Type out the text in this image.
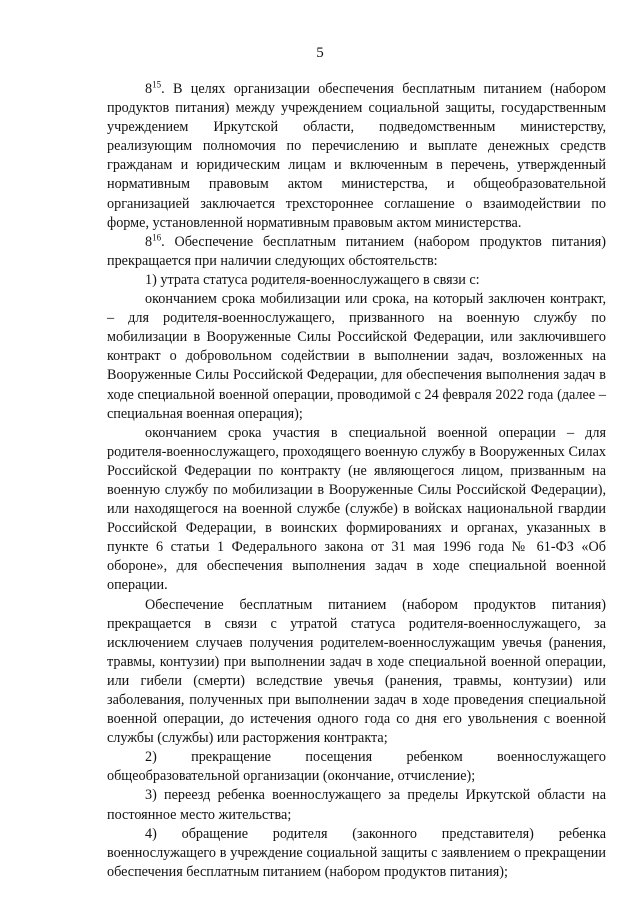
5

$8^{15}$. В целях организации обеспечения бесплатным питанием (набором продуктов питания) между учреждением социальной защиты, государственным учреждением Иркутской области, подведомственным министерству, реализующим полномочия по перечислению и выплате денежных средств гражданам и юридическим лицам и включенным в перечень, утвержденный нормативным правовым актом министерства, и общеобразовательной организацией заключается трехстороннее соглашение о взаимодействии по форме, установленной нормативным правовым актом министерства.

$8^{16}$. Обеспечение бесплатным питанием (набором продуктов питания) прекращается при наличии следующих обстоятельств:

1) утрата статуса родителя-военнослужащего в связи с:

окончанием срока мобилизации или срока, на который заключен контракт, – для родителя-военнослужащего, призванного на военную службу по мобилизации в Вооруженные Силы Российской Федерации, или заключившего контракт о добровольном содействии в выполнении задач, возложенных на Вооруженные Силы Российской Федерации, для обеспечения выполнения задач в ходе специальной военной операции, проводимой с 24 февраля 2022 года (далее – специальная военная операция);

окончанием срока участия в специальной военной операции – для родителя-военнослужащего, проходящего военную службу в Вооруженных Силах Российской Федерации по контракту (не являющегося лицом, призванным на военную службу по мобилизации в Вооруженные Силы Российской Федерации), или находящегося на военной службе (службе) в войсках национальной гвардии Российской Федерации, в воинских формированиях и органах, указанных в пункте 6 статьи 1 Федерального закона от 31 мая 1996 года № 61-ФЗ «Об обороне», для обеспечения выполнения задач в ходе специальной военной операции.

Обеспечение бесплатным питанием (набором продуктов питания) прекращается в связи с утратой статуса родителя-военнослужащего, за исключением случаев получения родителем-военнослужащим увечья (ранения, травмы, контузии) при выполнении задач в ходе специальной военной операции, или гибели (смерти) вследствие увечья (ранения, травмы, контузии) или заболевания, полученных при выполнении задач в ходе проведения специальной военной операции, до истечения одного года со дня его увольнения с военной службы (службы) или расторжения контракта;

2) прекращение посещения ребенком военнослужащего общеобразовательной организации (окончание, отчисление);

3) переезд ребенка военнослужащего за пределы Иркутской области на постоянное место жительства;

4) обращение родителя (законного представителя) ребенка военнослужащего в учреждение социальной защиты с заявлением о прекращении обеспечения бесплатным питанием (набором продуктов питания);
